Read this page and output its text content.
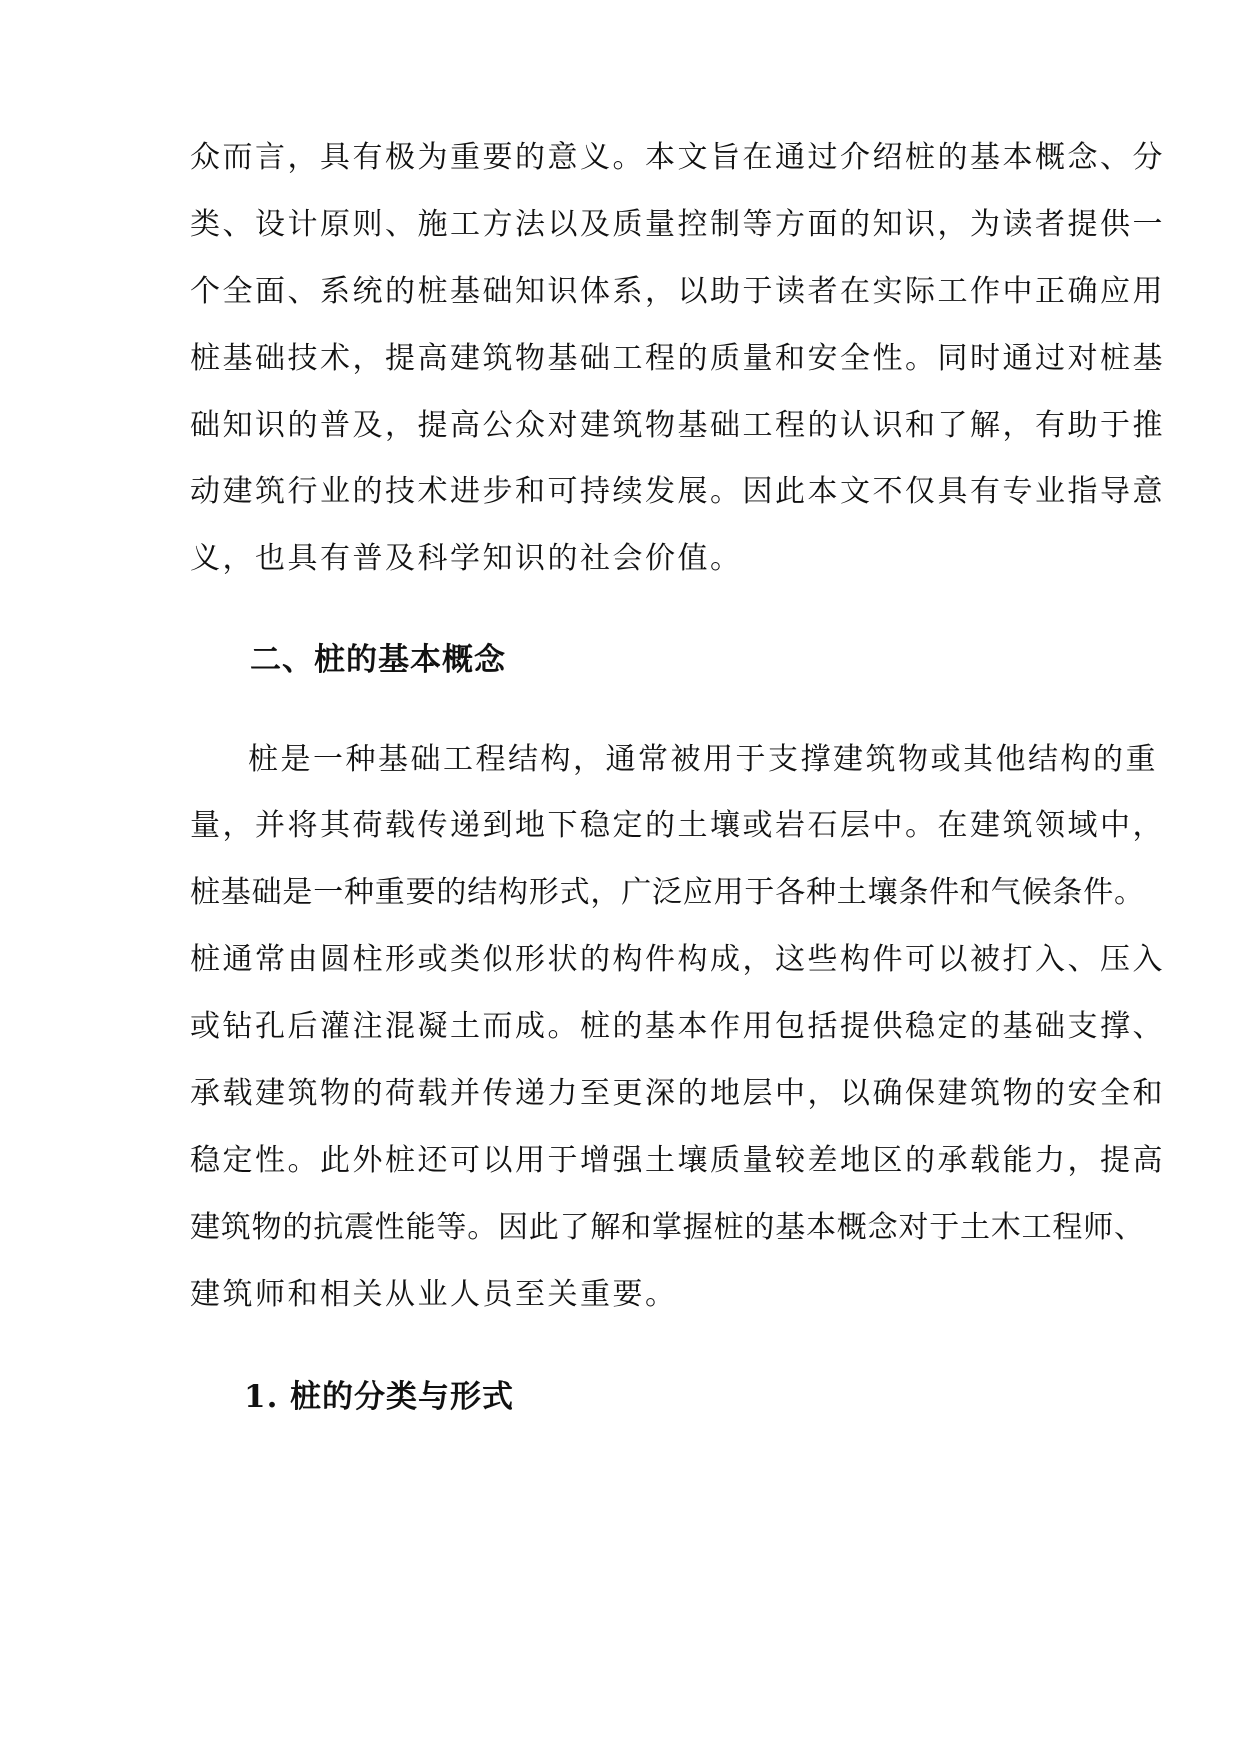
众而言，具有极为重要的意义。本文旨在通过介绍桩的基本概念、分
类、设计原则、施工方法以及质量控制等方面的知识，为读者提供一
个全面、系统的桩基础知识体系，以助于读者在实际工作中正确应用
桩基础技术，提高建筑物基础工程的质量和安全性。同时通过对桩基
础知识的普及，提高公众对建筑物基础工程的认识和了解，有助于推
动建筑行业的技术进步和可持续发展。因此本文不仅具有专业指导意
义，也具有普及科学知识的社会价值。
二、桩的基本概念
桩是一种基础工程结构，通常被用于支撑建筑物或其他结构的重
量，并将其荷载传递到地下稳定的土壤或岩石层中。在建筑领域中，
桩基础是一种重要的结构形式，广泛应用于各种土壤条件和气候条件。
桩通常由圆柱形或类似形状的构件构成，这些构件可以被打入、压入
或钻孔后灌注混凝土而成。桩的基本作用包括提供稳定的基础支撑、
承载建筑物的荷载并传递力至更深的地层中，以确保建筑物的安全和
稳定性。此外桩还可以用于增强土壤质量较差地区的承载能力，提高
建筑物的抗震性能等。因此了解和掌握桩的基本概念对于土木工程师、
建筑师和相关从业人员至关重要。
1. 桩的分类与形式
